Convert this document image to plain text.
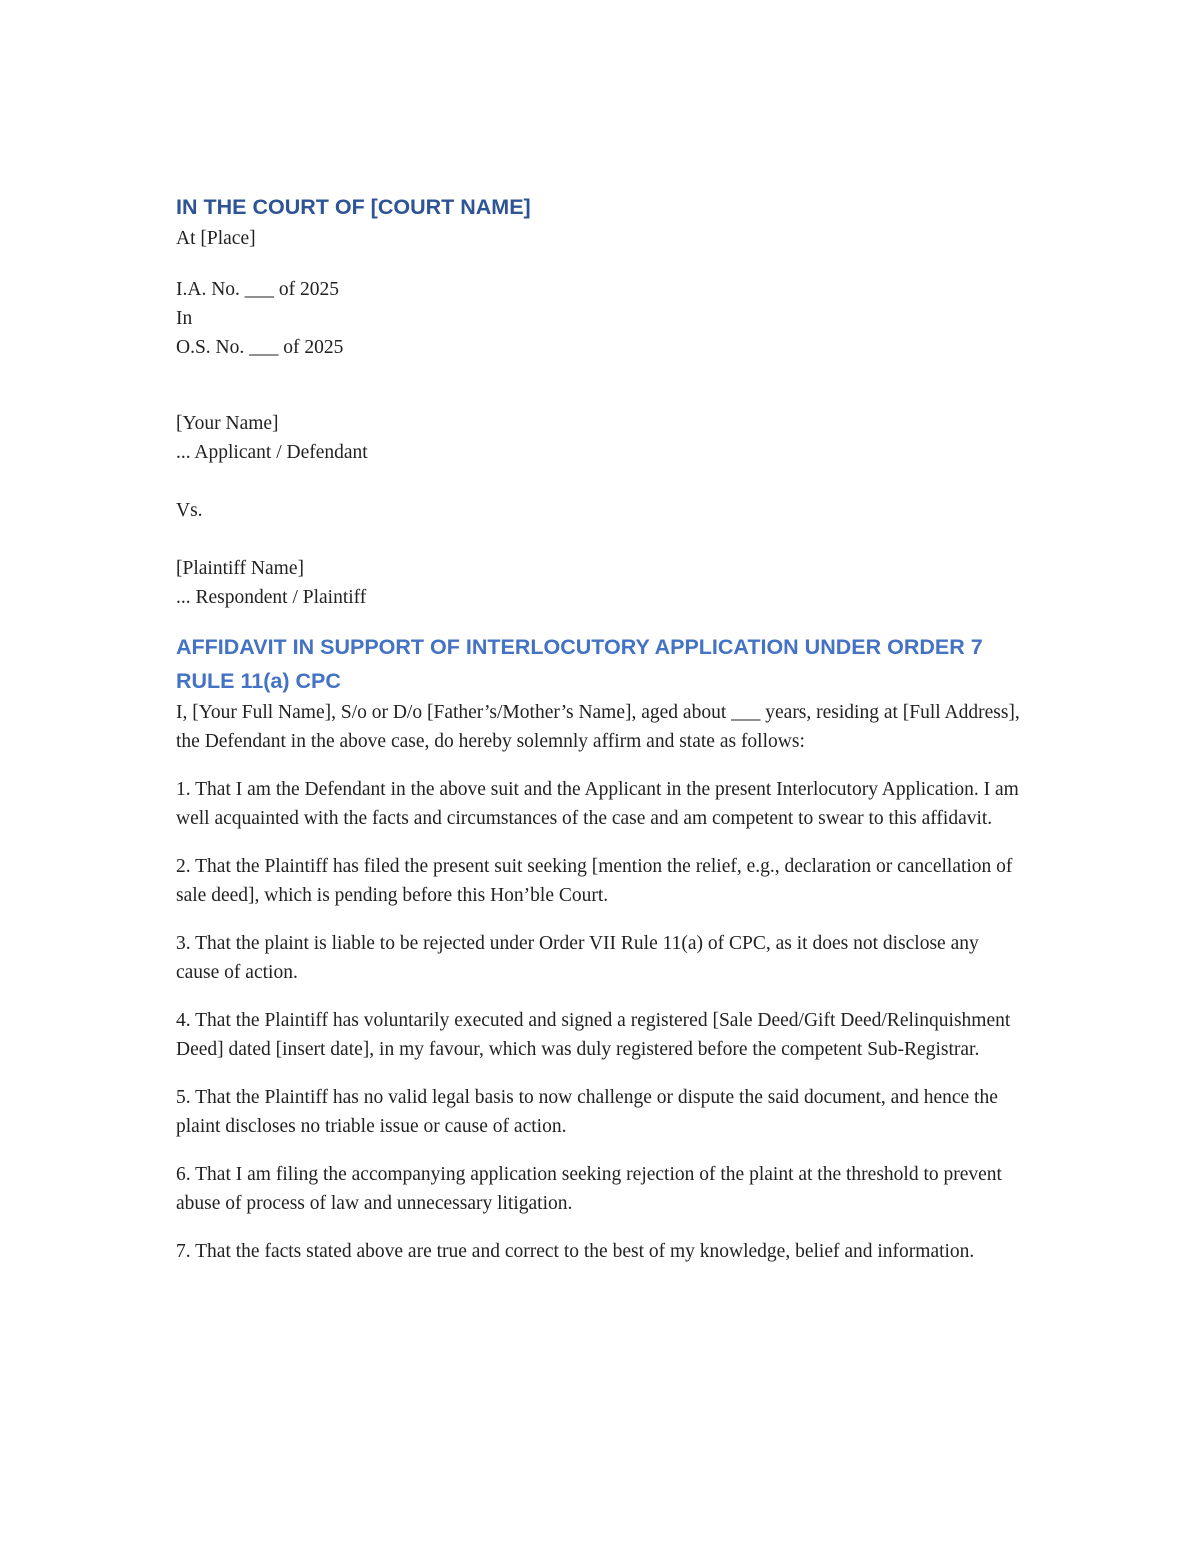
IN THE COURT OF [COURT NAME]

At [Place]

I.A. No. ___ of 2025

In

O.S. No. ___ of 2025

[Your Name]

... Applicant / Defendant

Vs.

[Plaintiff Name]

... Respondent / Plaintiff

AFFIDAVIT IN SUPPORT OF INTERLOCUTORY APPLICATION UNDER ORDER 7
RULE 11(a) CPC

I, [Your Full Name], S/o or D/o [Father’s/Mother’s Name], aged about ___ years, residing at [Full Address], the Defendant in the above case, do hereby solemnly affirm and state as follows:

1. That I am the Defendant in the above suit and the Applicant in the present Interlocutory Application. I am well acquainted with the facts and circumstances of the case and am competent to swear to this affidavit.

2. That the Plaintiff has filed the present suit seeking [mention the relief, e.g., declaration or cancellation of sale deed], which is pending before this Hon’ble Court.

3. That the plaint is liable to be rejected under Order VII Rule 11(a) of CPC, as it does not disclose any cause of action.

4. That the Plaintiff has voluntarily executed and signed a registered [Sale Deed/Gift Deed/Relinquishment Deed] dated [insert date], in my favour, which was duly registered before the competent Sub-Registrar.

5. That the Plaintiff has no valid legal basis to now challenge or dispute the said document, and hence the plaint discloses no triable issue or cause of action.

6. That I am filing the accompanying application seeking rejection of the plaint at the threshold to prevent abuse of process of law and unnecessary litigation.

7. That the facts stated above are true and correct to the best of my knowledge, belief and information.
